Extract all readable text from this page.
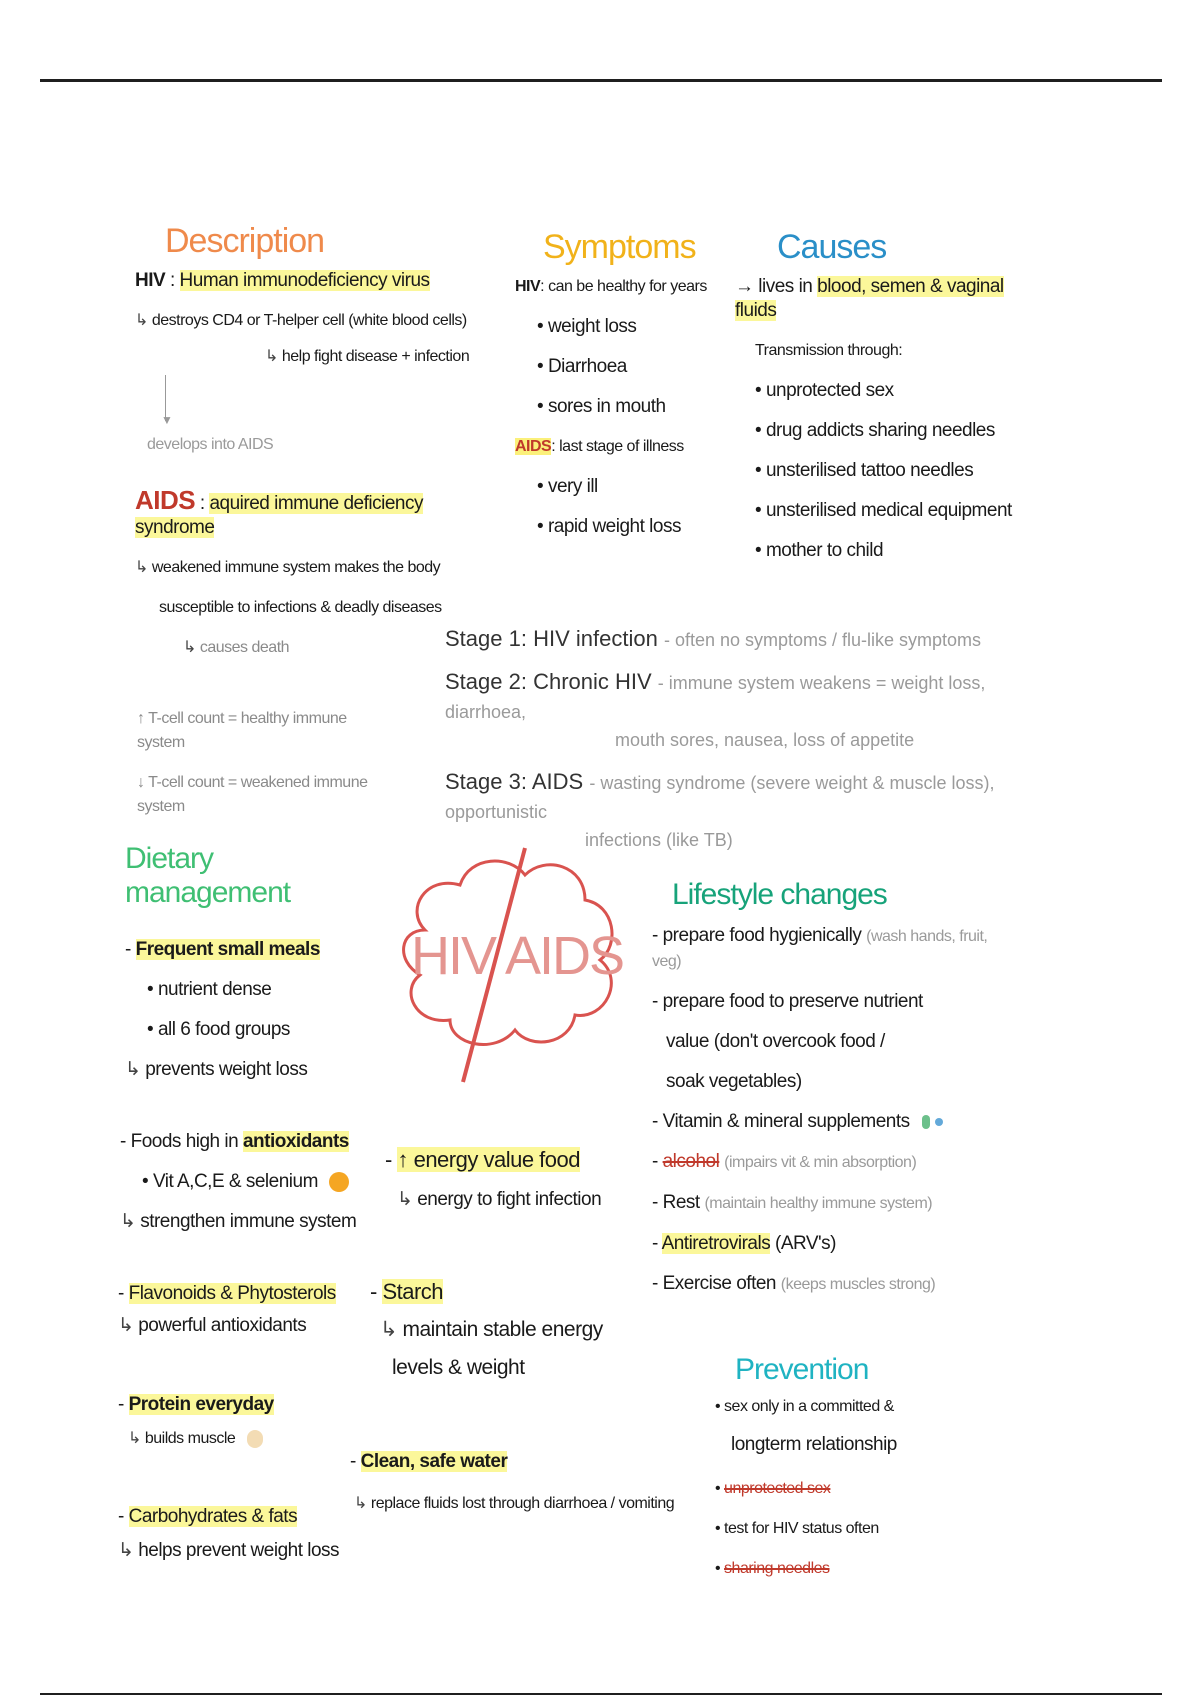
Description
HIV : Human immunodeficiency virus
↳ destroys CD4 or T-helper cell (white blood cells)
↳ help fight disease + infection
▼
develops into AIDS
AIDS : aquired immune deficiency syndrome
↳ weakened immune system makes the body
susceptible to infections & deadly diseases
↳ causes death
↑ T-cell count = healthy immune system
↓ T-cell count = weakened immune system
Symptoms
HIV: can be healthy for years
• weight loss
• Diarrhoea
• sores in mouth
AIDS: last stage of illness
• very ill
• rapid weight loss
Causes
→ lives in blood, semen & vaginal fluids
Transmission through:
• unprotected sex
• drug addicts sharing needles
• unsterilised tattoo needles
• unsterilised medical equipment
• mother to child
Stage 1: HIV infection - often no symptoms / flu-like symptoms
Stage 2: Chronic HIV - immune system weakens = weight loss, diarrhoea,
mouth sores, nausea, loss of appetite
Stage 3: AIDS - wasting syndrome (severe weight & muscle loss), opportunistic
infections (like TB)
HIV AIDS
Dietary management
- Frequent small meals
• nutrient dense
• all 6 food groups
↳ prevents weight loss
- Foods high in antioxidants
• Vit A,C,E & selenium
↳ strengthen immune system
- Flavonoids & Phytosterols
↳ powerful antioxidants
- Protein everyday
↳ builds muscle
- Carbohydrates & fats
↳ helps prevent weight loss
- ↑ energy value food
↳ energy to fight infection
- Starch
↳ maintain stable energy
levels & weight
- Clean, safe water
↳ replace fluids lost through diarrhoea / vomiting
Lifestyle changes
- prepare food hygienically (wash hands, fruit, veg)
- prepare food to preserve nutrient
value (don't overcook food /
soak vegetables)
- Vitamin & mineral supplements
- alcohol (impairs vit & min absorption)
- Rest (maintain healthy immune system)
- Antiretrovirals (ARV's)
- Exercise often (keeps muscles strong)
Prevention
• sex only in a committed &
longterm relationship
• unprotected sex
• test for HIV status often
• sharing needles
